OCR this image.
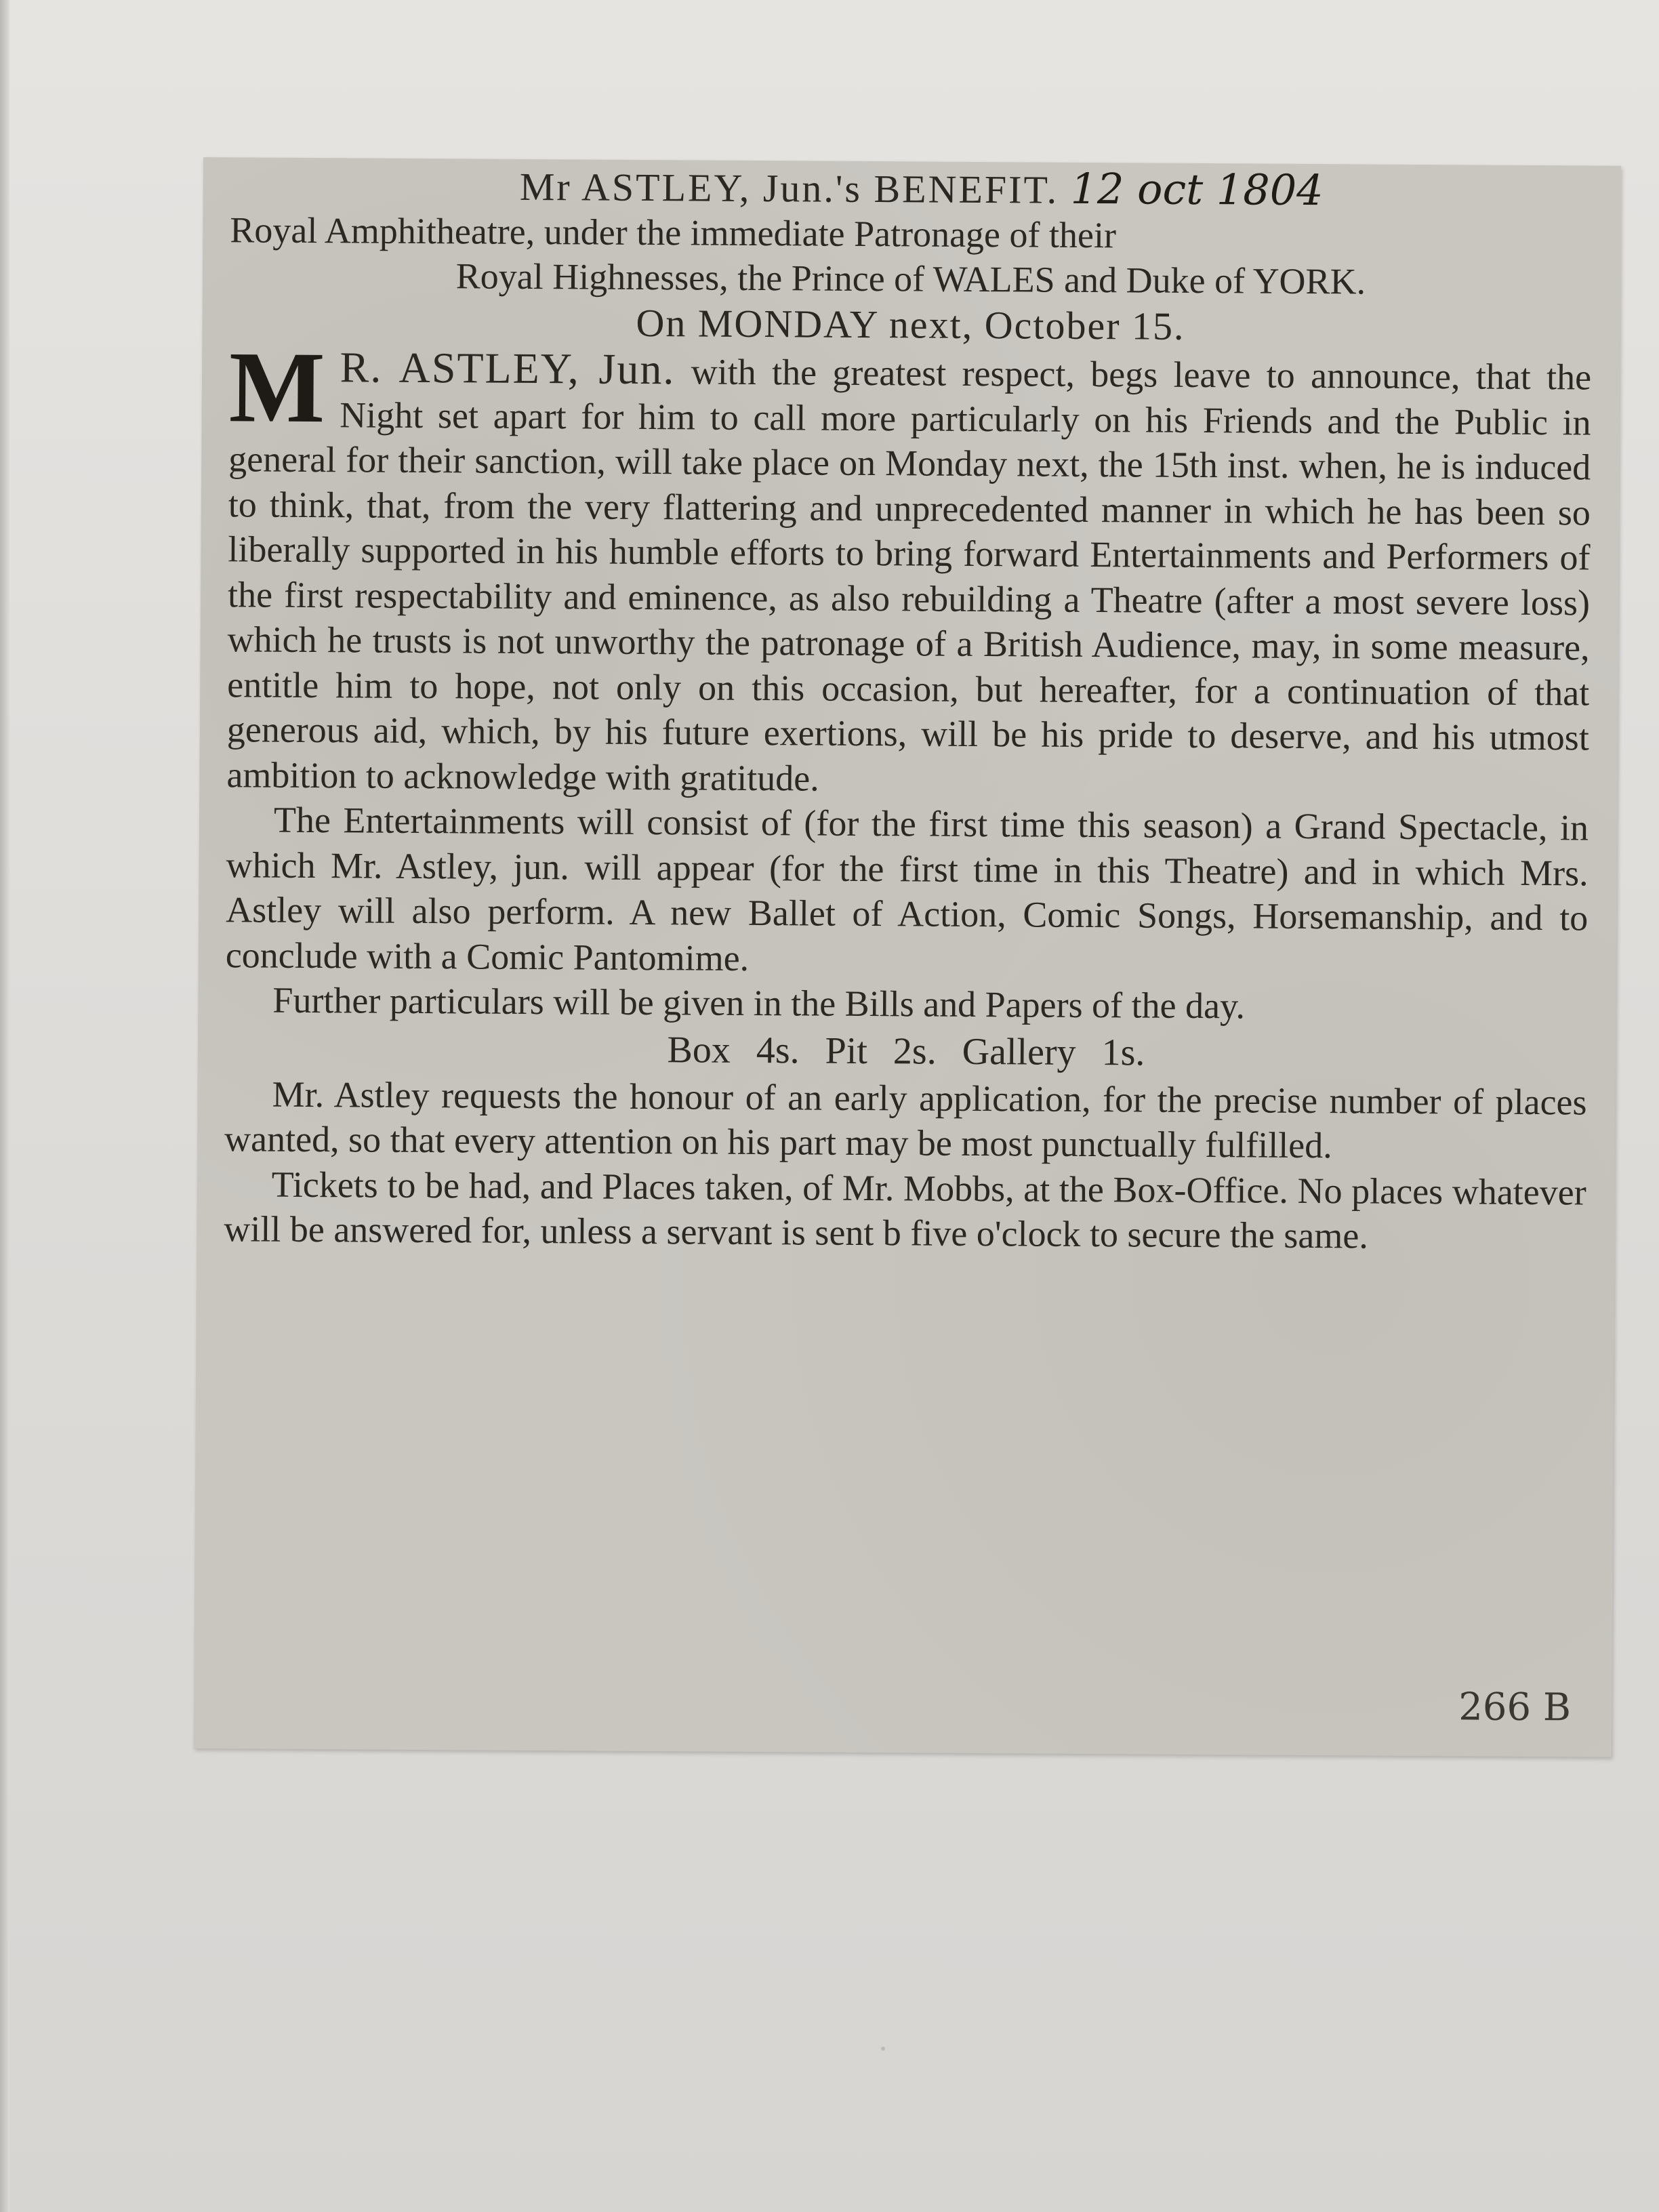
Mr ASTLEY, Jun.'s BENEFIT. 12 oct 1804
Royal Amphitheatre, under the immediate Patronage of their
Royal Highnesses, the Prince of WALES and Duke of YORK.
On MONDAY next, October 15.
M R. ASTLEY, Jun. with the greatest respect, begs leave to announce, that the Night set apart for him to call more particularly on his Friends and the Public in general for their sanction, will take place on Monday next, the 15th inst. when, he is induced to think, that, from the very flattering and unprecedented manner in which he has been so liberally supported in his humble efforts to bring forward Entertainments and Performers of the first respectability and eminence, as also rebuilding a Theatre (after a most severe loss) which he trusts is not unworthy the patronage of a British Audience, may, in some measure, entitle him to hope, not only on this occasion, but hereafter, for a continuation of that generous aid, which, by his future exertions, will be his pride to deserve, and his utmost ambition to acknowledge with gratitude.
The Entertainments will consist of (for the first time this season) a Grand Spectacle, in which Mr. Astley, jun. will appear (for the first time in this Theatre) and in which Mrs. Astley will also perform. A new Ballet of Action, Comic Songs, Horsemanship, and to conclude with a Comic Pantomime.
Further particulars will be given in the Bills and Papers of the day.
Box 4s. Pit 2s. Gallery 1s.
Mr. Astley requests the honour of an early application, for the precise number of places wanted, so that every attention on his part may be most punctually fulfilled.
Tickets to be had, and Places taken, of Mr. Mobbs, at the Box-Office. No places whatever will be answered for, unless a servant is sent b five o'clock to secure the same.
266 B
